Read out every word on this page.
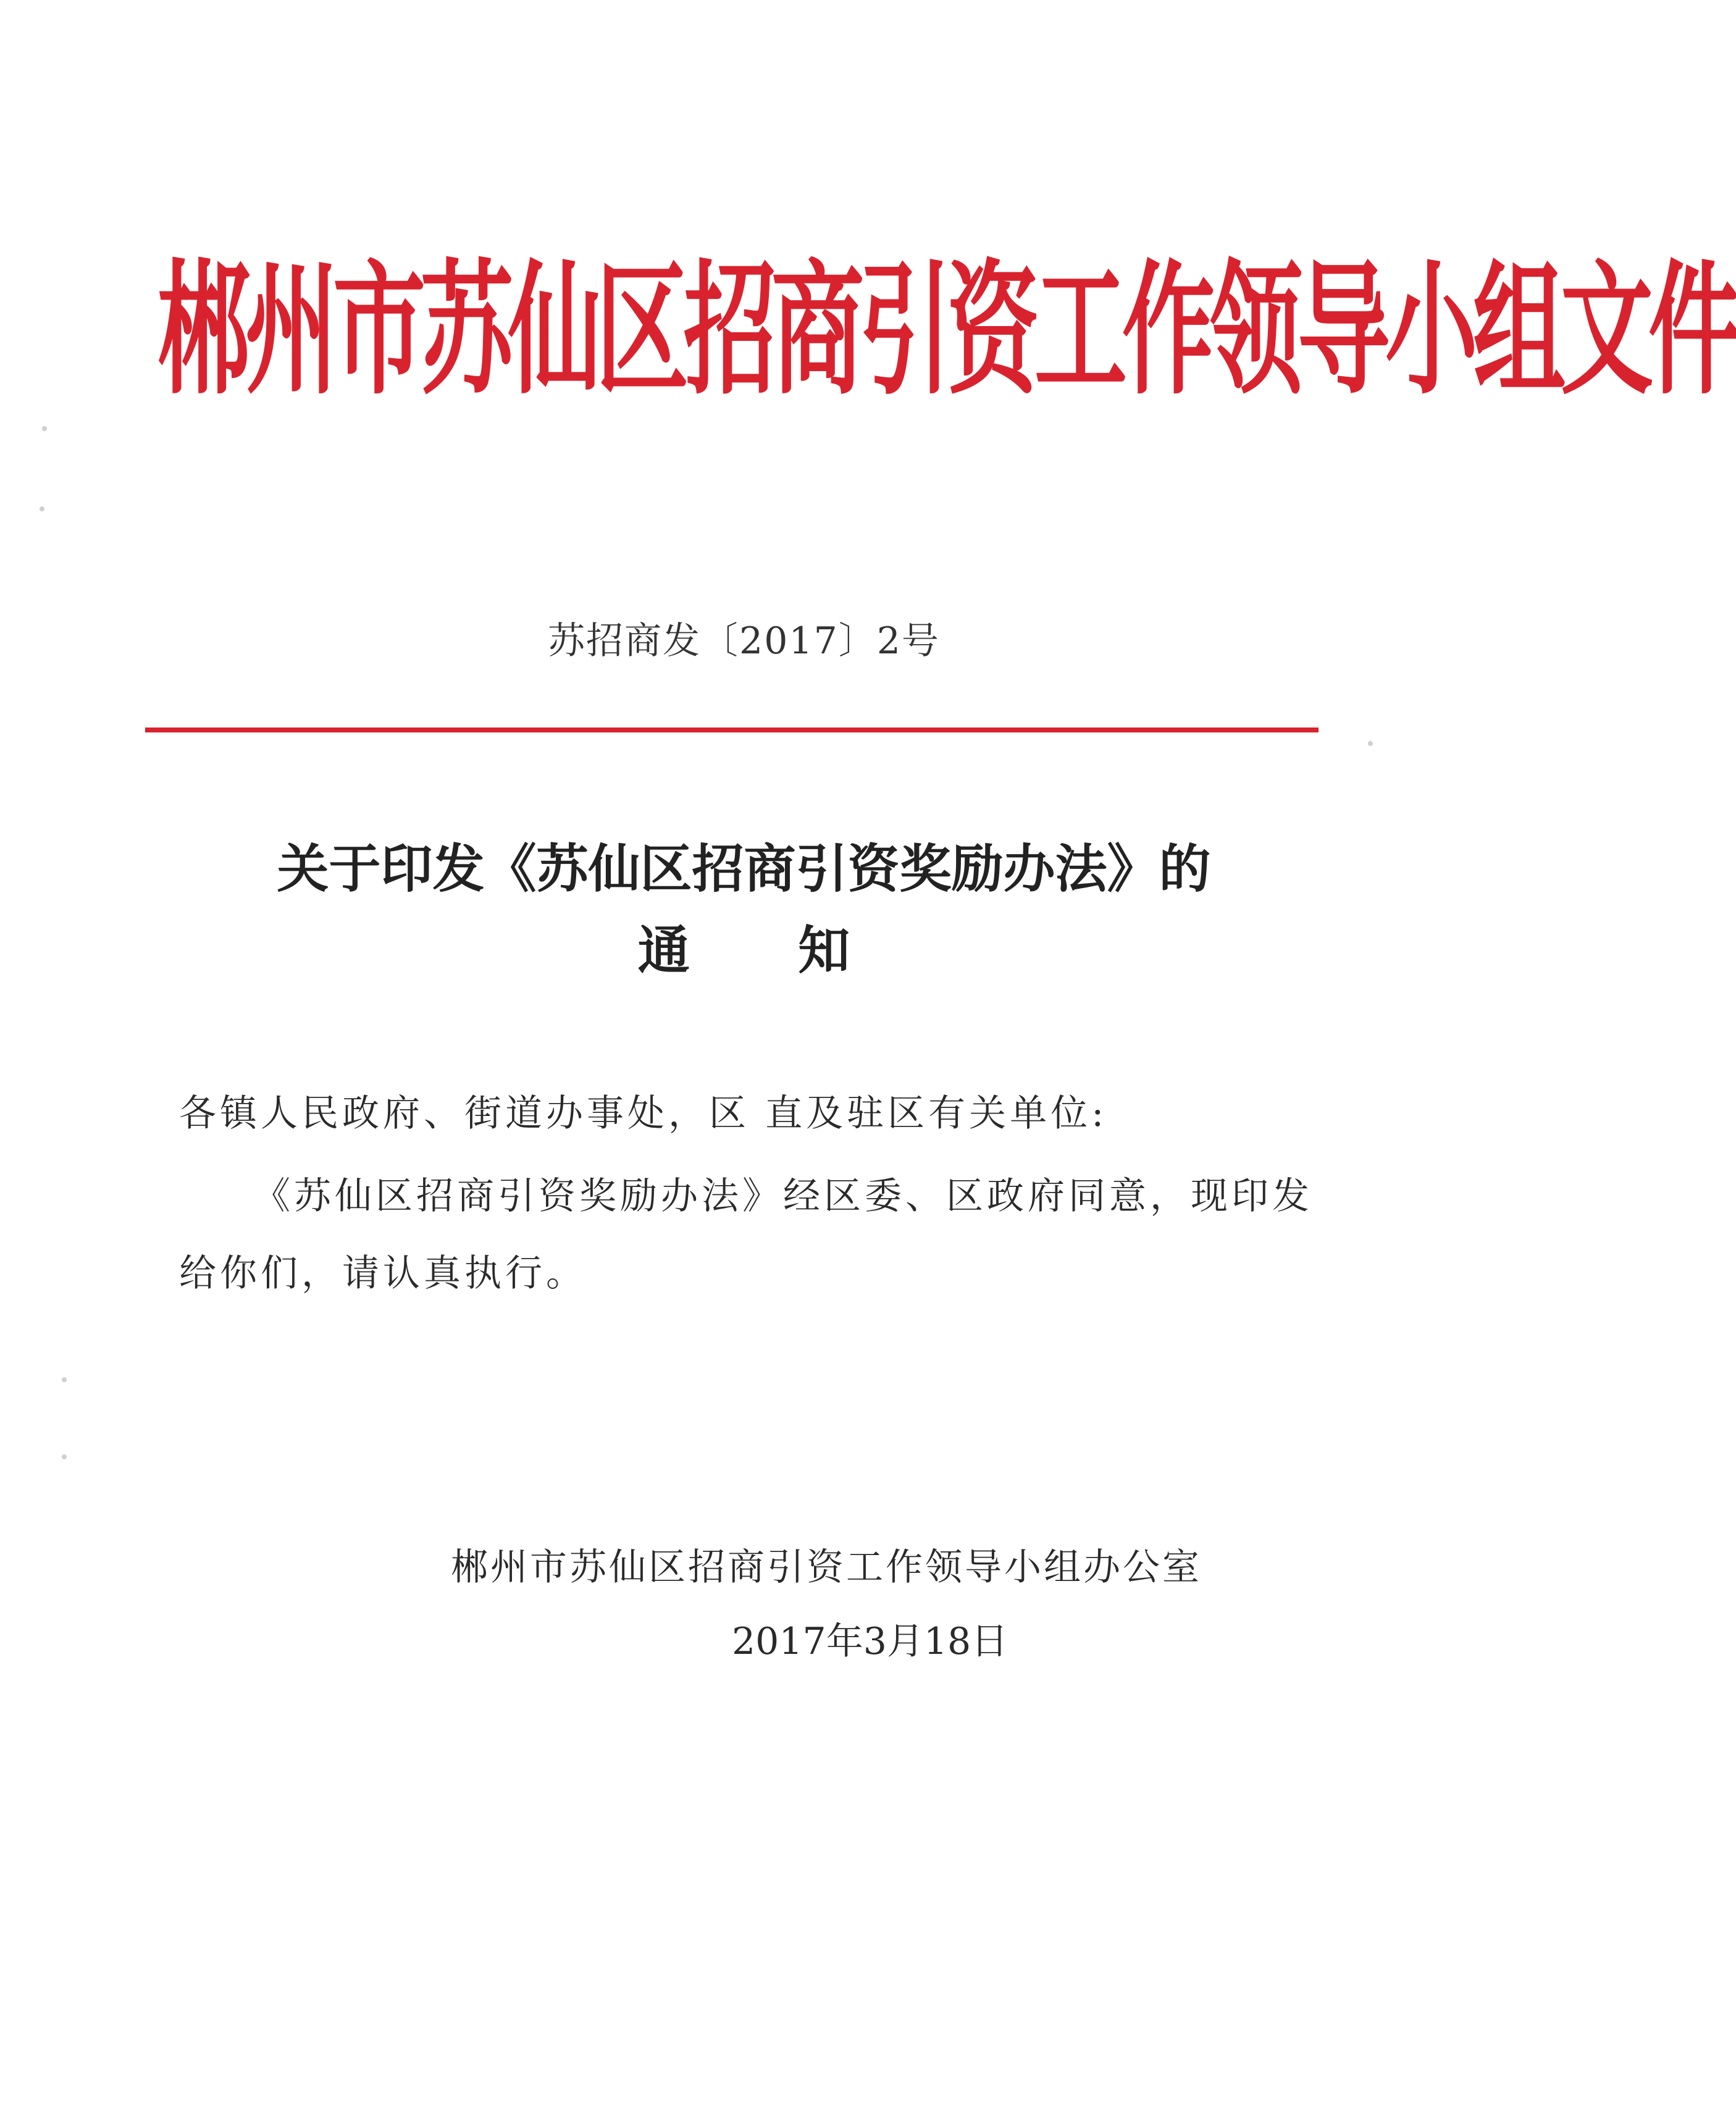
郴州市苏仙区招商引资工作领导小组文件
苏招商发〔2017〕2号
关于印发《苏仙区招商引资奖励办法》的
通      知
各镇人民政府、街道办事处，区 直及驻区有关单位:
《苏仙区招商引资奖励办法》经区委、区政府同意，现印发给你们，请认真执行。
郴州市苏仙区招商引资工作领导小组办公室
2017年3月18日
